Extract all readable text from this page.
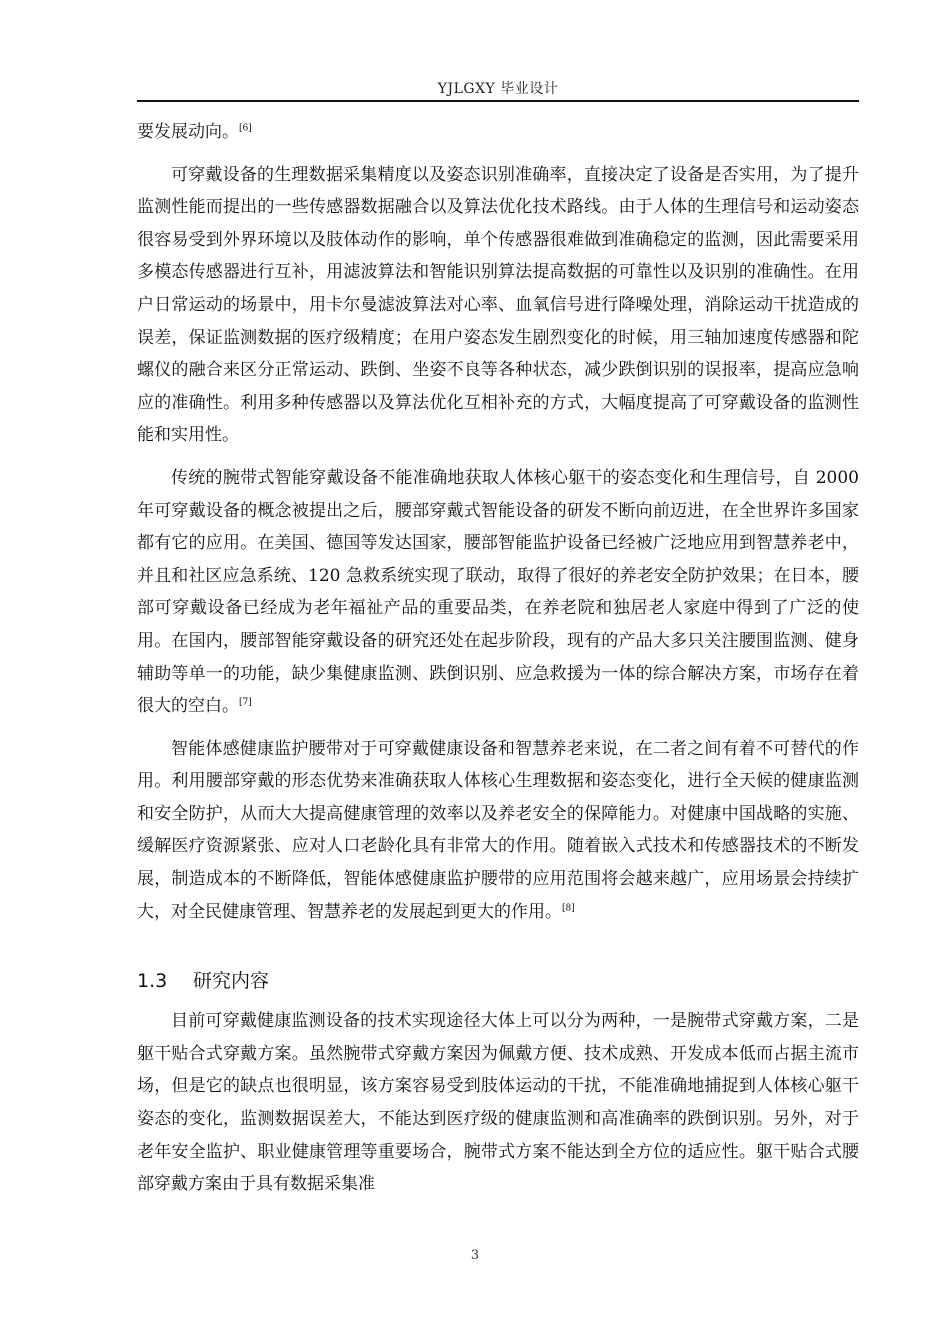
YJLGXY 毕业设计

要发展动向。[6]

可穿戴设备的生理数据采集精度以及姿态识别准确率，直接决定了设备是否实用，为了提升监测性能而提出的一些传感器数据融合以及算法优化技术路线。由于人体的生理信号和运动姿态很容易受到外界环境以及肢体动作的影响，单个传感器很难做到准确稳定的监测，因此需要采用多模态传感器进行互补，用滤波算法和智能识别算法提高数据的可靠性以及识别的准确性。在用户日常运动的场景中，用卡尔曼滤波算法对心率、血氧信号进行降噪处理，消除运动干扰造成的误差，保证监测数据的医疗级精度；在用户姿态发生剧烈变化的时候，用三轴加速度传感器和陀螺仪的融合来区分正常运动、跌倒、坐姿不良等各种状态，减少跌倒识别的误报率，提高应急响应的准确性。利用多种传感器以及算法优化互相补充的方式，大幅度提高了可穿戴设备的监测性能和实用性。

传统的腕带式智能穿戴设备不能准确地获取人体核心躯干的姿态变化和生理信号，自 2000 年可穿戴设备的概念被提出之后，腰部穿戴式智能设备的研发不断向前迈进，在全世界许多国家都有它的应用。在美国、德国等发达国家，腰部智能监护设备已经被广泛地应用到智慧养老中，并且和社区应急系统、120 急救系统实现了联动，取得了很好的养老安全防护效果；在日本，腰部可穿戴设备已经成为老年福祉产品的重要品类，在养老院和独居老人家庭中得到了广泛的使用。在国内，腰部智能穿戴设备的研究还处在起步阶段，现有的产品大多只关注腰围监测、健身辅助等单一的功能，缺少集健康监测、跌倒识别、应急救援为一体的综合解决方案，市场存在着很大的空白。[7]

智能体感健康监护腰带对于可穿戴健康设备和智慧养老来说，在二者之间有着不可替代的作用。利用腰部穿戴的形态优势来准确获取人体核心生理数据和姿态变化，进行全天候的健康监测和安全防护，从而大大提高健康管理的效率以及养老安全的保障能力。对健康中国战略的实施、缓解医疗资源紧张、应对人口老龄化具有非常大的作用。随着嵌入式技术和传感器技术的不断发展，制造成本的不断降低，智能体感健康监护腰带的应用范围将会越来越广，应用场景会持续扩大，对全民健康管理、智慧养老的发展起到更大的作用。[8]

1.3 研究内容

目前可穿戴健康监测设备的技术实现途径大体上可以分为两种，一是腕带式穿戴方案，二是躯干贴合式穿戴方案。虽然腕带式穿戴方案因为佩戴方便、技术成熟、开发成本低而占据主流市场，但是它的缺点也很明显，该方案容易受到肢体运动的干扰，不能准确地捕捉到人体核心躯干姿态的变化，监测数据误差大，不能达到医疗级的健康监测和高准确率的跌倒识别。另外，对于老年安全监护、职业健康管理等重要场合，腕带式方案不能达到全方位的适应性。躯干贴合式腰部穿戴方案由于具有数据采集准

3
